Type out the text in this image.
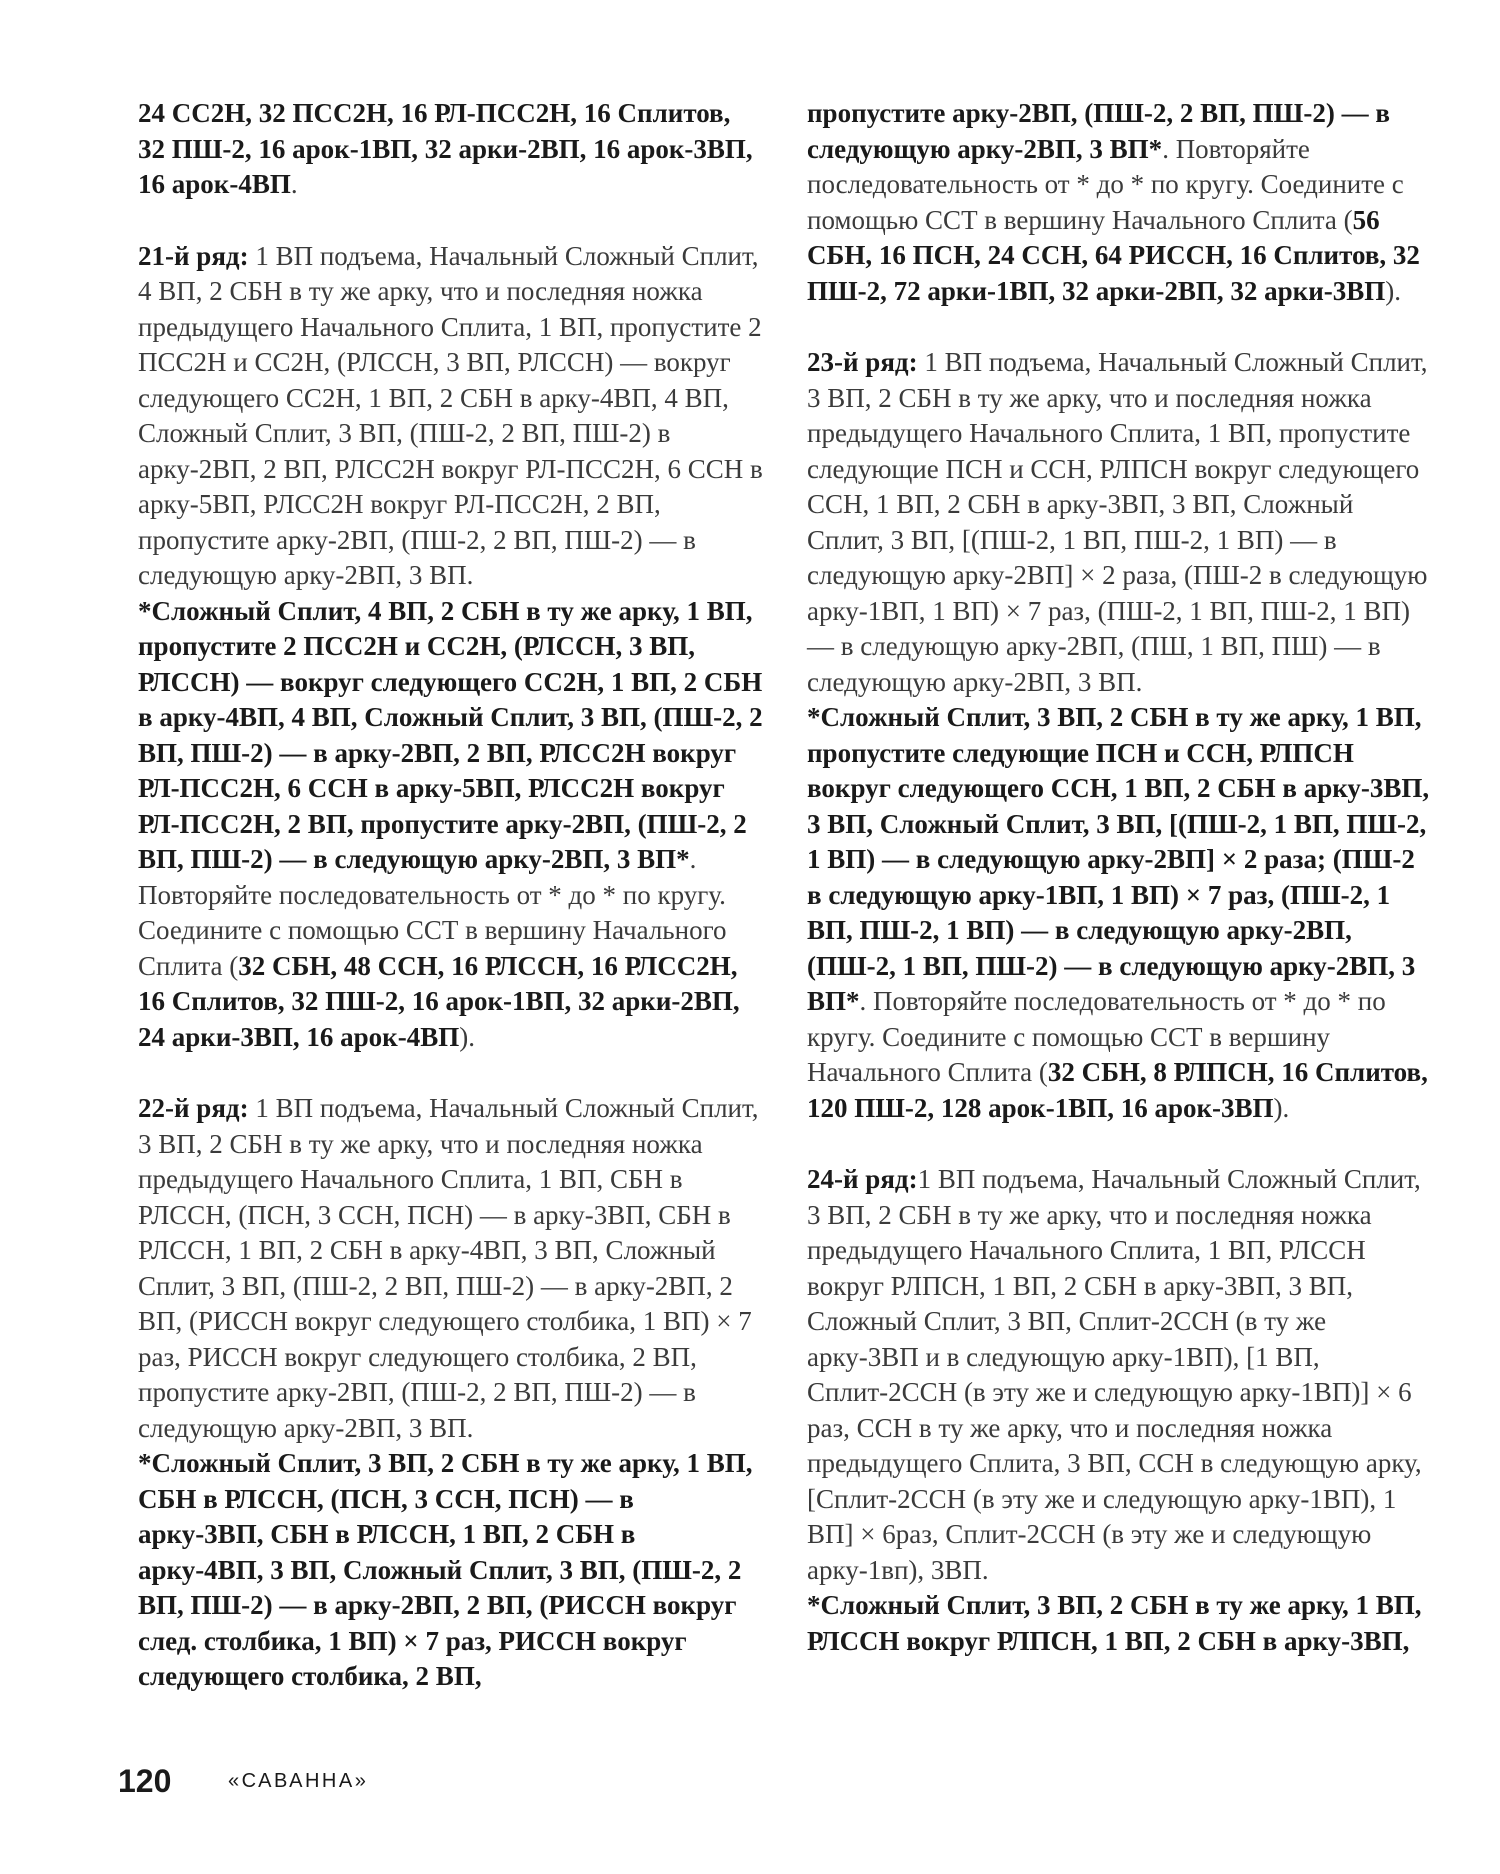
24 СС2Н, 32 ПСС2Н, 16 РЛ-ПСС2Н, 16 Сплитов, 32 ПШ-2, 16 арок-1ВП, 32 арки-2ВП, 16 арок-3ВП, 16 арок-4ВП.

21-й ряд: 1 ВП подъема, Начальный Сложный Сплит, 4 ВП, 2 СБН в ту же арку, что и последняя ножка предыдущего Начального Сплита, 1 ВП, пропустите 2 ПСС2Н и СС2Н, (РЛССН, 3 ВП, РЛССН) — вокруг следующего СС2Н, 1 ВП, 2 СБН в арку-4ВП, 4 ВП, Сложный Сплит, 3 ВП, (ПШ-2, 2 ВП, ПШ-2) в арку-2ВП, 2 ВП, РЛСС2Н вокруг РЛ-ПСС2Н, 6 ССН в арку-5ВП, РЛСС2Н вокруг РЛ-ПСС2Н, 2 ВП, пропустите арку-2ВП, (ПШ-2, 2 ВП, ПШ-2) — в следующую арку-2ВП, 3 ВП.

*Сложный Сплит, 4 ВП, 2 СБН в ту же арку, 1 ВП, пропустите 2 ПСС2Н и СС2Н, (РЛССН, 3 ВП, РЛССН) — вокруг следующего СС2Н, 1 ВП, 2 СБН в арку-4ВП, 4 ВП, Сложный Сплит, 3 ВП, (ПШ-2, 2 ВП, ПШ-2) — в арку-2ВП, 2 ВП, РЛСС2Н вокруг РЛ-ПСС2Н, 6 ССН в арку-5ВП, РЛСС2Н вокруг РЛ-ПСС2Н, 2 ВП, пропустите арку-2ВП, (ПШ-2, 2 ВП, ПШ-2) — в следующую арку-2ВП, 3 ВП*. Повторяйте последовательность от * до * по кругу. Соедините с помощью ССТ в вершину Начального Сплита (32 СБН, 48 ССН, 16 РЛССН, 16 РЛСС2Н, 16 Сплитов, 32 ПШ-2, 16 арок-1ВП, 32 арки-2ВП, 24 арки-3ВП, 16 арок-4ВП).

22-й ряд: 1 ВП подъема, Начальный Сложный Сплит, 3 ВП, 2 СБН в ту же арку, что и последняя ножка предыдущего Начального Сплита, 1 ВП, СБН в РЛССН, (ПСН, 3 ССН, ПСН) — в арку-3ВП, СБН в РЛССН, 1 ВП, 2 СБН в арку-4ВП, 3 ВП, Сложный Сплит, 3 ВП, (ПШ-2, 2 ВП, ПШ-2) — в арку-2ВП, 2 ВП, (РИССН вокруг следующего столбика, 1 ВП) × 7 раз, РИССН вокруг следующего столбика, 2 ВП, пропустите арку-2ВП, (ПШ-2, 2 ВП, ПШ-2) — в следующую арку-2ВП, 3 ВП.

*Сложный Сплит, 3 ВП, 2 СБН в ту же арку, 1 ВП, СБН в РЛССН, (ПСН, 3 ССН, ПСН) — в арку-3ВП, СБН в РЛССН, 1 ВП, 2 СБН в арку-4ВП, 3 ВП, Сложный Сплит, 3 ВП, (ПШ-2, 2 ВП, ПШ-2) — в арку-2ВП, 2 ВП, (РИССН вокруг след. столбика, 1 ВП) × 7 раз, РИССН вокруг следующего столбика, 2 ВП,

пропустите арку-2ВП, (ПШ-2, 2 ВП, ПШ-2) — в следующую арку-2ВП, 3 ВП*. Повторяйте последовательность от * до * по кругу. Соедините с помощью ССТ в вершину Начального Сплита (56 СБН, 16 ПСН, 24 ССН, 64 РИССН, 16 Сплитов, 32 ПШ-2, 72 арки-1ВП, 32 арки-2ВП, 32 арки-3ВП).

23-й ряд: 1 ВП подъема, Начальный Сложный Сплит, 3 ВП, 2 СБН в ту же арку, что и последняя ножка предыдущего Начального Сплита, 1 ВП, пропустите следующие ПСН и ССН, РЛПСН вокруг следующего ССН, 1 ВП, 2 СБН в арку-3ВП, 3 ВП, Сложный Сплит, 3 ВП, [(ПШ-2, 1 ВП, ПШ-2, 1 ВП) — в следующую арку-2ВП] × 2 раза, (ПШ-2 в следующую арку-1ВП, 1 ВП) × 7 раз, (ПШ-2, 1 ВП, ПШ-2, 1 ВП) — в следующую арку-2ВП, (ПШ, 1 ВП, ПШ) — в следующую арку-2ВП, 3 ВП.

*Сложный Сплит, 3 ВП, 2 СБН в ту же арку, 1 ВП, пропустите следующие ПСН и ССН, РЛПСН вокруг следующего ССН, 1 ВП, 2 СБН в арку-3ВП, 3 ВП, Сложный Сплит, 3 ВП, [(ПШ-2, 1 ВП, ПШ-2, 1 ВП) — в следующую арку-2ВП] × 2 раза; (ПШ-2 в следующую арку-1ВП, 1 ВП) × 7 раз, (ПШ-2, 1 ВП, ПШ-2, 1 ВП) — в следующую арку-2ВП, (ПШ-2, 1 ВП, ПШ-2) — в следующую арку-2ВП, 3 ВП*. Повторяйте последовательность от * до * по кругу. Соедините с помощью ССТ в вершину Начального Сплита (32 СБН, 8 РЛПСН, 16 Сплитов, 120 ПШ-2, 128 арок-1ВП, 16 арок-3ВП).

24-й ряд:1 ВП подъема, Начальный Сложный Сплит, 3 ВП, 2 СБН в ту же арку, что и последняя ножка предыдущего Начального Сплита, 1 ВП, РЛССН вокруг РЛПСН, 1 ВП, 2 СБН в арку-3ВП, 3 ВП, Сложный Сплит, 3 ВП, Сплит-2ССН (в ту же арку-3ВП и в следующую арку-1ВП), [1 ВП, Сплит-2ССН (в эту же и следующую арку-1ВП)] × 6 раз, ССН в ту же арку, что и последняя ножка предыдущего Сплита, 3 ВП, ССН в следующую арку, [Сплит-2ССН (в эту же и следующую арку-1ВП), 1 ВП] × 6раз, Сплит-2ССН (в эту же и следующую арку-1вп), 3ВП.

*Сложный Сплит, 3 ВП, 2 СБН в ту же арку, 1 ВП, РЛССН вокруг РЛПСН, 1 ВП, 2 СБН в арку-3ВП,

120	«САВАННА»
